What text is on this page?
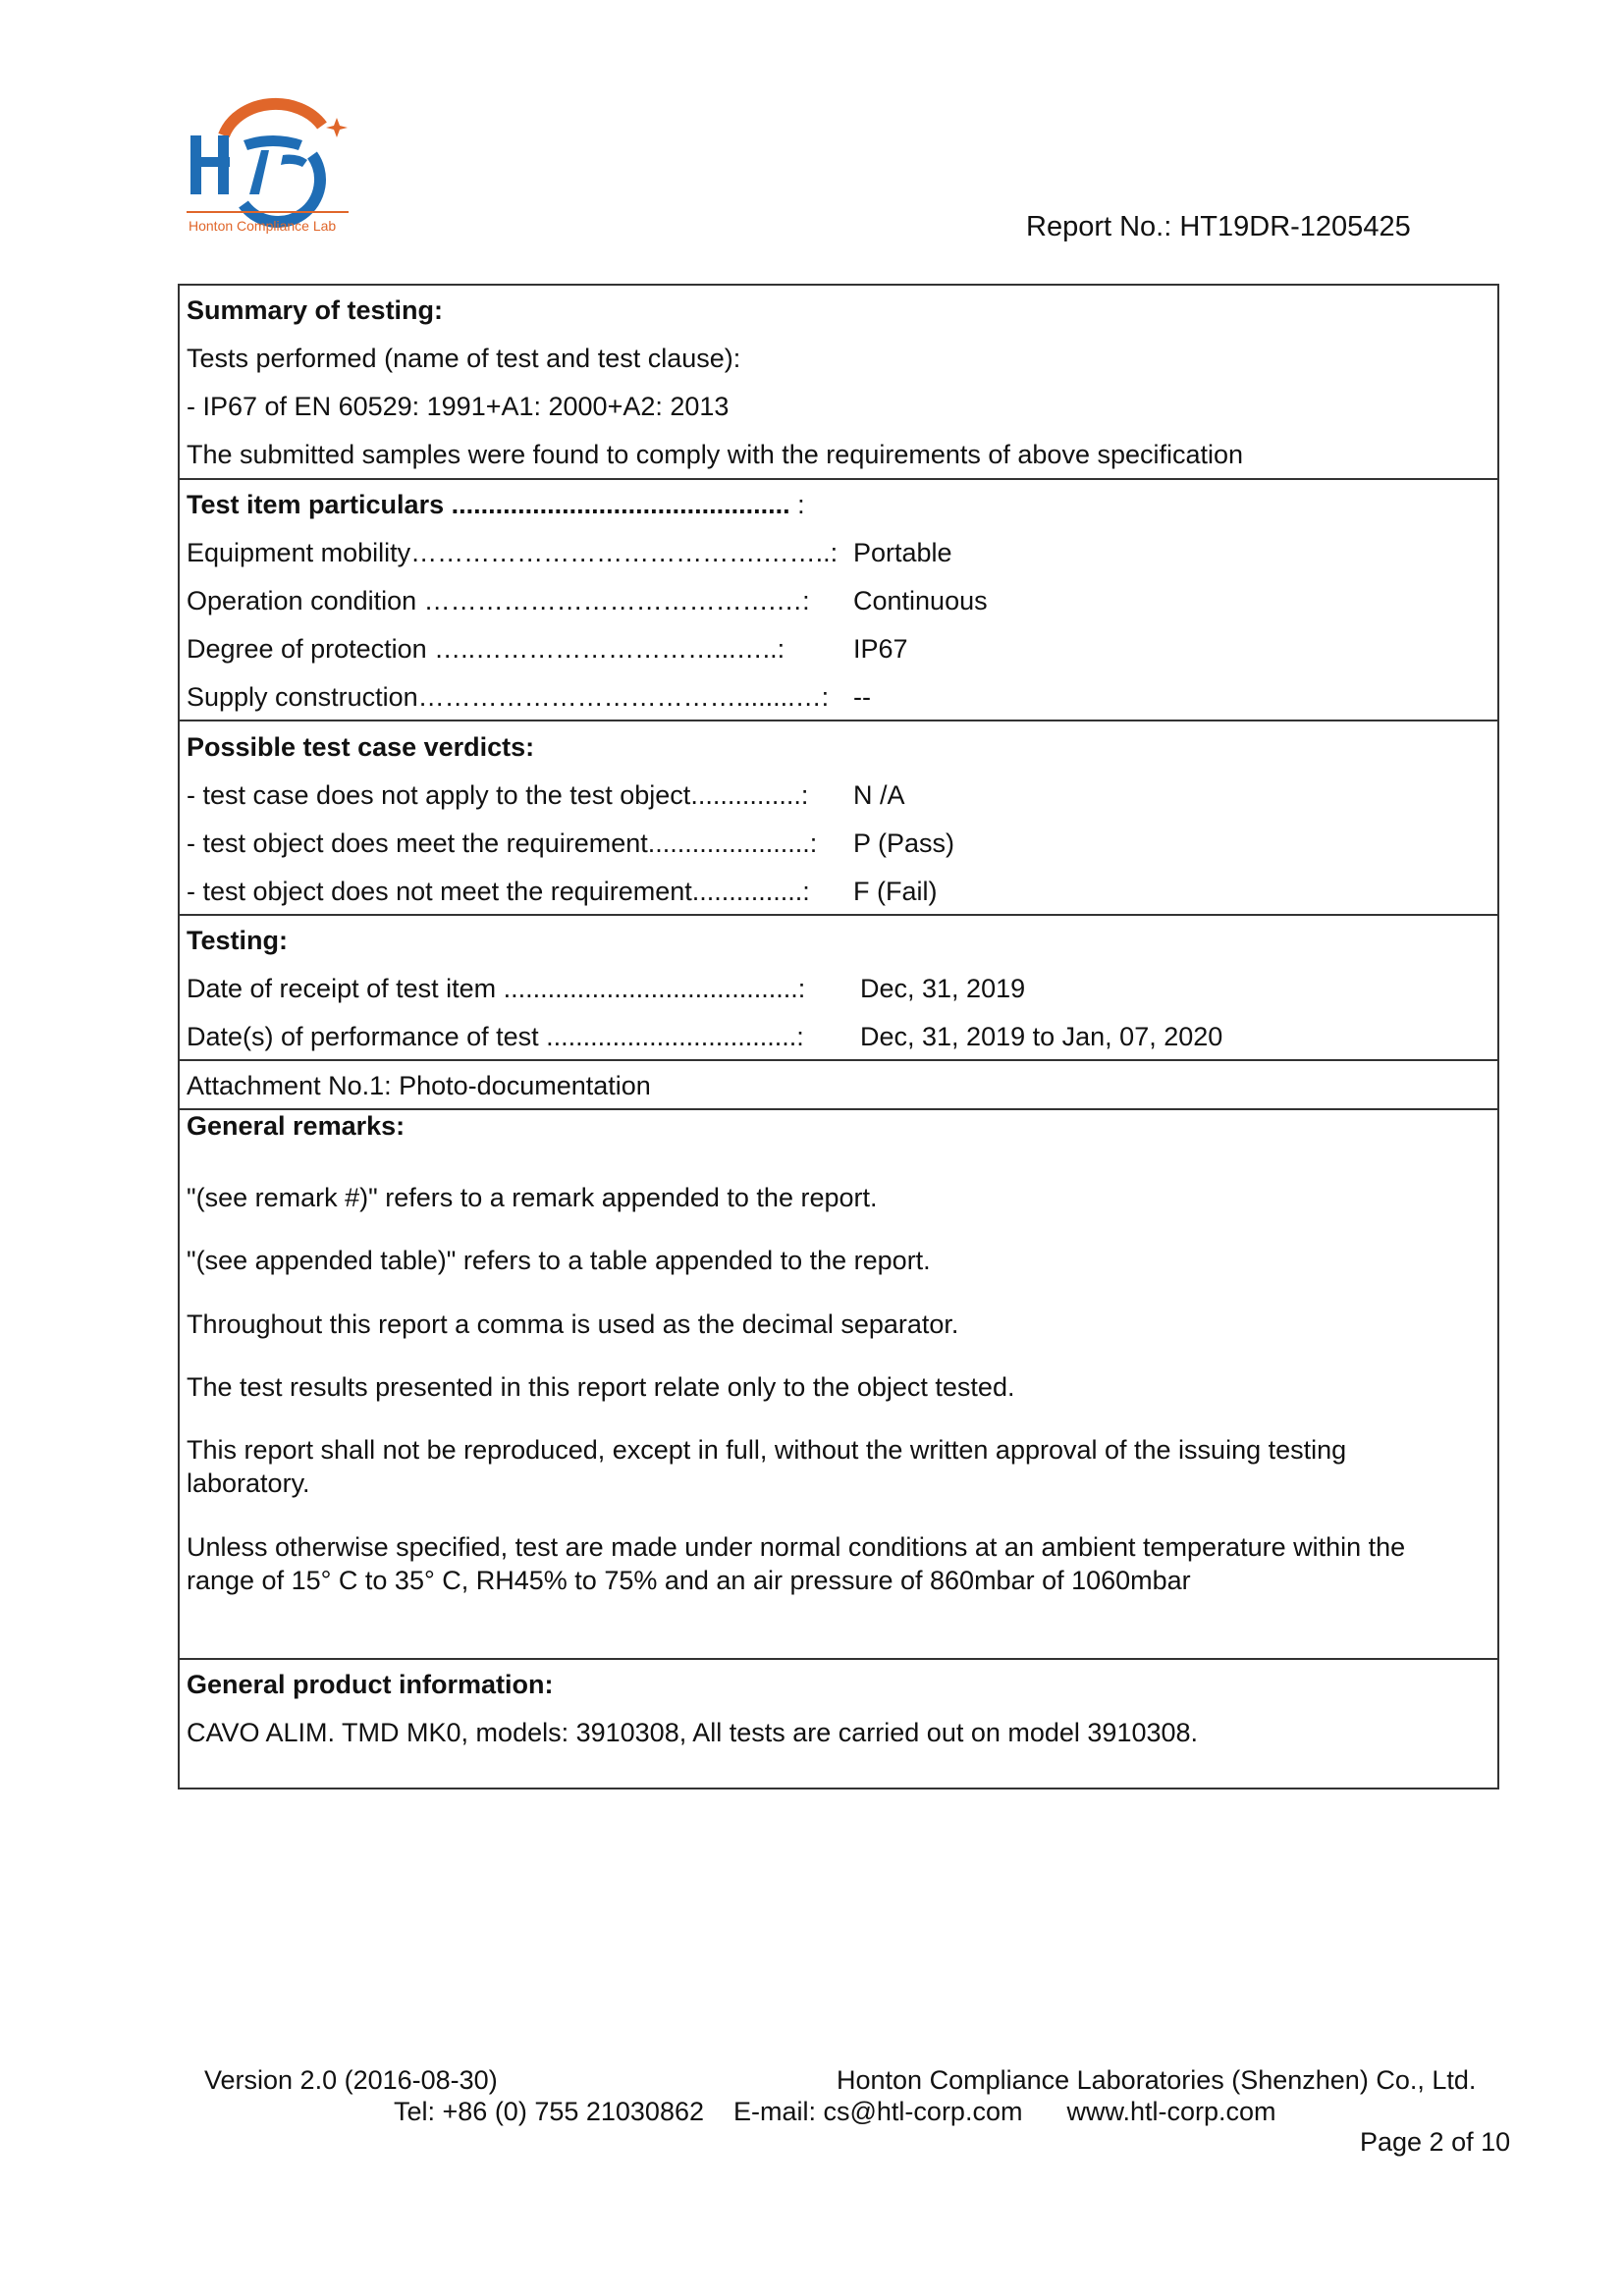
Honton Compliance Lab	Report No.: HT19DR-1205425
Summary of testing:
Tests performed (name of test and test clause):
- IP67 of EN 60529: 1991+A1: 2000+A2: 2013
The submitted samples were found to comply with the requirements of above specification
Test item particulars .............................................. :
Equipment mobility………………………………….……..: Portable
Operation condition ………………………………….…: Continuous
Degree of protection …..………………………...…..:	IP67
Supply construction………………………………........…: --
Possible test case verdicts:
- test case does not apply to the test object...............: N /A
- test object does meet the requirement......................: P (Pass)
- test object does not meet the requirement...............: F (Fail)
Testing:
Date of receipt of test item ........................................: Dec, 31, 2019
Date(s) of performance of test ..................................: Dec, 31, 2019 to Jan, 07, 2020
Attachment No.1: Photo-documentation
General remarks:
"(see remark #)" refers to a remark appended to the report.
"(see appended table)" refers to a table appended to the report.
Throughout this report a comma is used as the decimal separator.
The test results presented in this report relate only to the object tested.
This report shall not be reproduced, except in full, without the written approval of the issuing testing laboratory.
Unless otherwise specified, test are made under normal conditions at an ambient temperature within the range of 15° C to 35° C, RH45% to 75% and an air pressure of 860mbar of 1060mbar
General product information:
CAVO ALIM. TMD MK0, models: 3910308, All tests are carried out on model 3910308.
Version 2.0 (2016-08-30)	Honton Compliance Laboratories (Shenzhen) Co., Ltd.
Tel: +86 (0) 755 21030862    E-mail: cs@htl-corp.com      www.htl-corp.com
Page 2 of 10
